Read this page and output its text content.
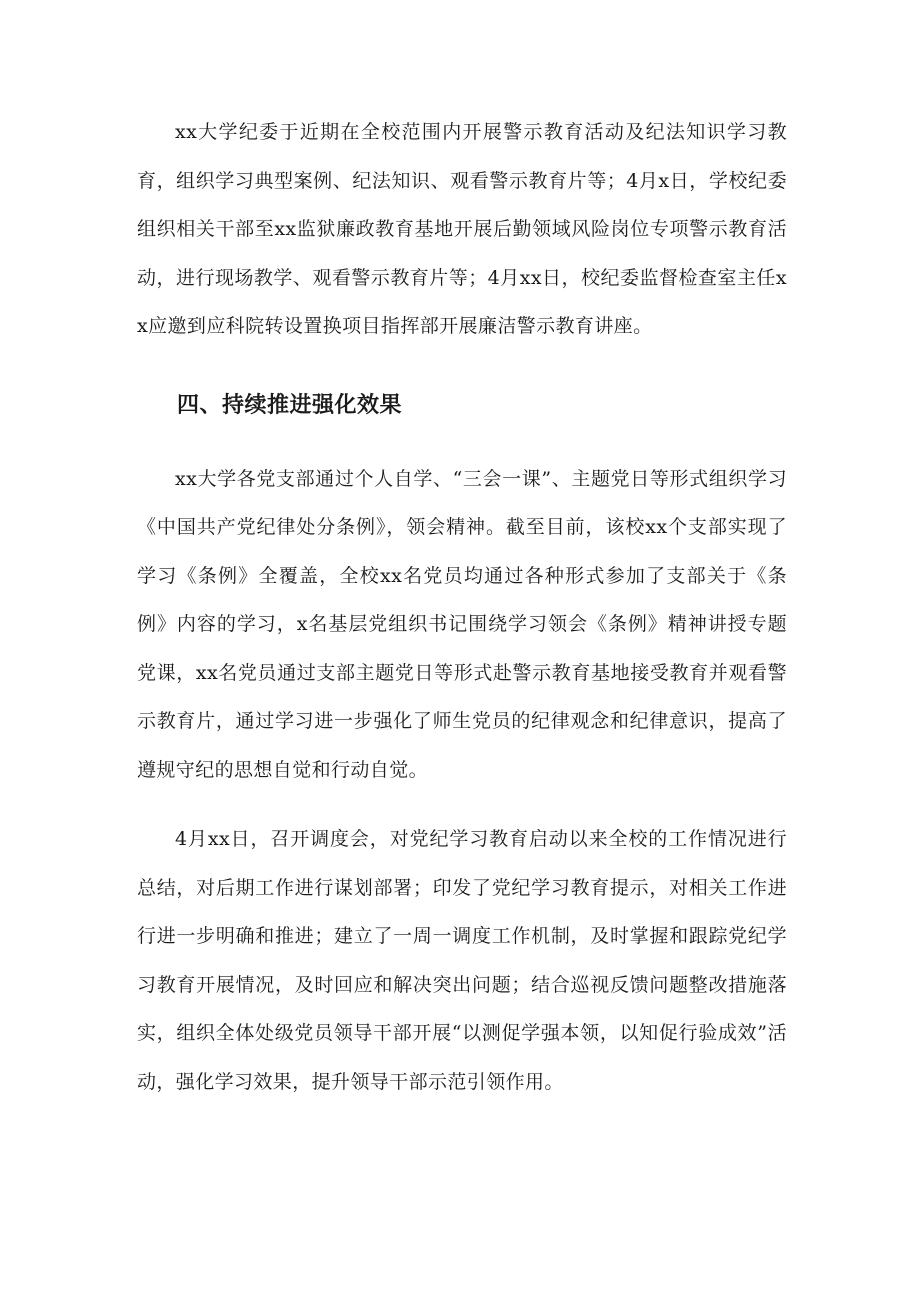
xx大学纪委于近期在全校范围内开展警示教育活动及纪法知识学习教育，组织学习典型案例、纪法知识、观看警示教育片等；4月x日，学校纪委组织相关干部至xx监狱廉政教育基地开展后勤领域风险岗位专项警示教育活动，进行现场教学、观看警示教育片等；4月xx日，校纪委监督检查室主任xx应邀到应科院转设置换项目指挥部开展廉洁警示教育讲座。

四、持续推进强化效果

xx大学各党支部通过个人自学、“三会一课”、主题党日等形式组织学习《中国共产党纪律处分条例》，领会精神。截至目前，该校xx个支部实现了学习《条例》全覆盖，全校xx名党员均通过各种形式参加了支部关于《条例》内容的学习，x名基层党组织书记围绕学习领会《条例》精神讲授专题党课，xx名党员通过支部主题党日等形式赴警示教育基地接受教育并观看警示教育片，通过学习进一步强化了师生党员的纪律观念和纪律意识，提高了遵规守纪的思想自觉和行动自觉。

4月xx日，召开调度会，对党纪学习教育启动以来全校的工作情况进行总结，对后期工作进行谋划部署；印发了党纪学习教育提示，对相关工作进行进一步明确和推进；建立了一周一调度工作机制，及时掌握和跟踪党纪学习教育开展情况，及时回应和解决突出问题；结合巡视反馈问题整改措施落实，组织全体处级党员领导干部开展“以测促学强本领，以知促行验成效”活动，强化学习效果，提升领导干部示范引领作用。
